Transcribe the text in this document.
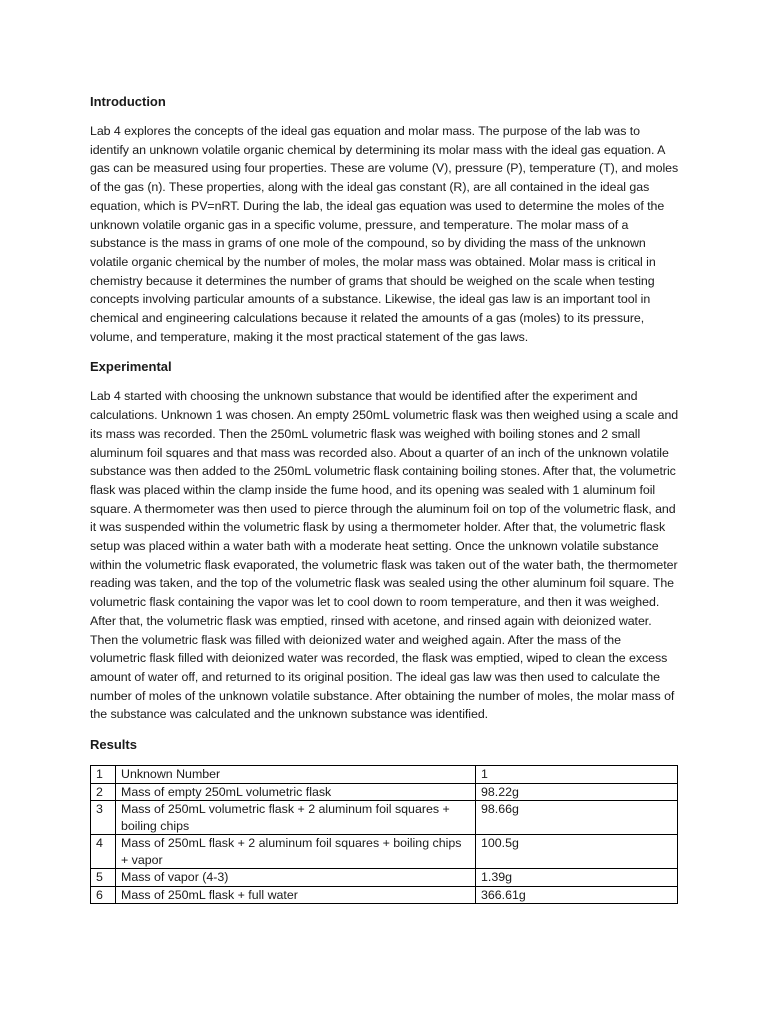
Introduction

Lab 4 explores the concepts of the ideal gas equation and molar mass. The purpose of the lab was to identify an unknown volatile organic chemical by determining its molar mass with the ideal gas equation. A gas can be measured using four properties. These are volume (V), pressure (P), temperature (T), and moles of the gas (n). These properties, along with the ideal gas constant (R), are all contained in the ideal gas equation, which is PV=nRT. During the lab, the ideal gas equation was used to determine the moles of the unknown volatile organic gas in a specific volume, pressure, and temperature. The molar mass of a substance is the mass in grams of one mole of the compound, so by dividing the mass of the unknown volatile organic chemical by the number of moles, the molar mass was obtained. Molar mass is critical in chemistry because it determines the number of grams that should be weighed on the scale when testing concepts involving particular amounts of a substance. Likewise, the ideal gas law is an important tool in chemical and engineering calculations because it related the amounts of a gas (moles) to its pressure, volume, and temperature, making it the most practical statement of the gas laws.

Experimental

Lab 4 started with choosing the unknown substance that would be identified after the experiment and calculations. Unknown 1 was chosen. An empty 250mL volumetric flask was then weighed using a scale and its mass was recorded. Then the 250mL volumetric flask was weighed with boiling stones and 2 small aluminum foil squares and that mass was recorded also. About a quarter of an inch of the unknown volatile substance was then added to the 250mL volumetric flask containing boiling stones. After that, the volumetric flask was placed within the clamp inside the fume hood, and its opening was sealed with 1 aluminum foil square. A thermometer was then used to pierce through the aluminum foil on top of the volumetric flask, and it was suspended within the volumetric flask by using a thermometer holder. After that, the volumetric flask setup was placed within a water bath with a moderate heat setting. Once the unknown volatile substance within the volumetric flask evaporated, the volumetric flask was taken out of the water bath, the thermometer reading was taken, and the top of the volumetric flask was sealed using the other aluminum foil square. The volumetric flask containing the vapor was let to cool down to room temperature, and then it was weighed. After that, the volumetric flask was emptied, rinsed with acetone, and rinsed again with deionized water. Then the volumetric flask was filled with deionized water and weighed again. After the mass of the volumetric flask filled with deionized water was recorded, the flask was emptied, wiped to clean the excess amount of water off, and returned to its original position. The ideal gas law was then used to calculate the number of moles of the unknown volatile substance. After obtaining the number of moles, the molar mass of the substance was calculated and the unknown substance was identified.

Results
1	Unknown Number	1
2	Mass of empty 250mL volumetric flask	98.22g
3	Mass of 250mL volumetric flask + 2 aluminum foil squares + boiling chips	98.66g
4	Mass of 250mL flask + 2 aluminum foil squares + boiling chips + vapor	100.5g
5	Mass of vapor (4-3)	1.39g
6	Mass of 250mL flask + full water	366.61g
